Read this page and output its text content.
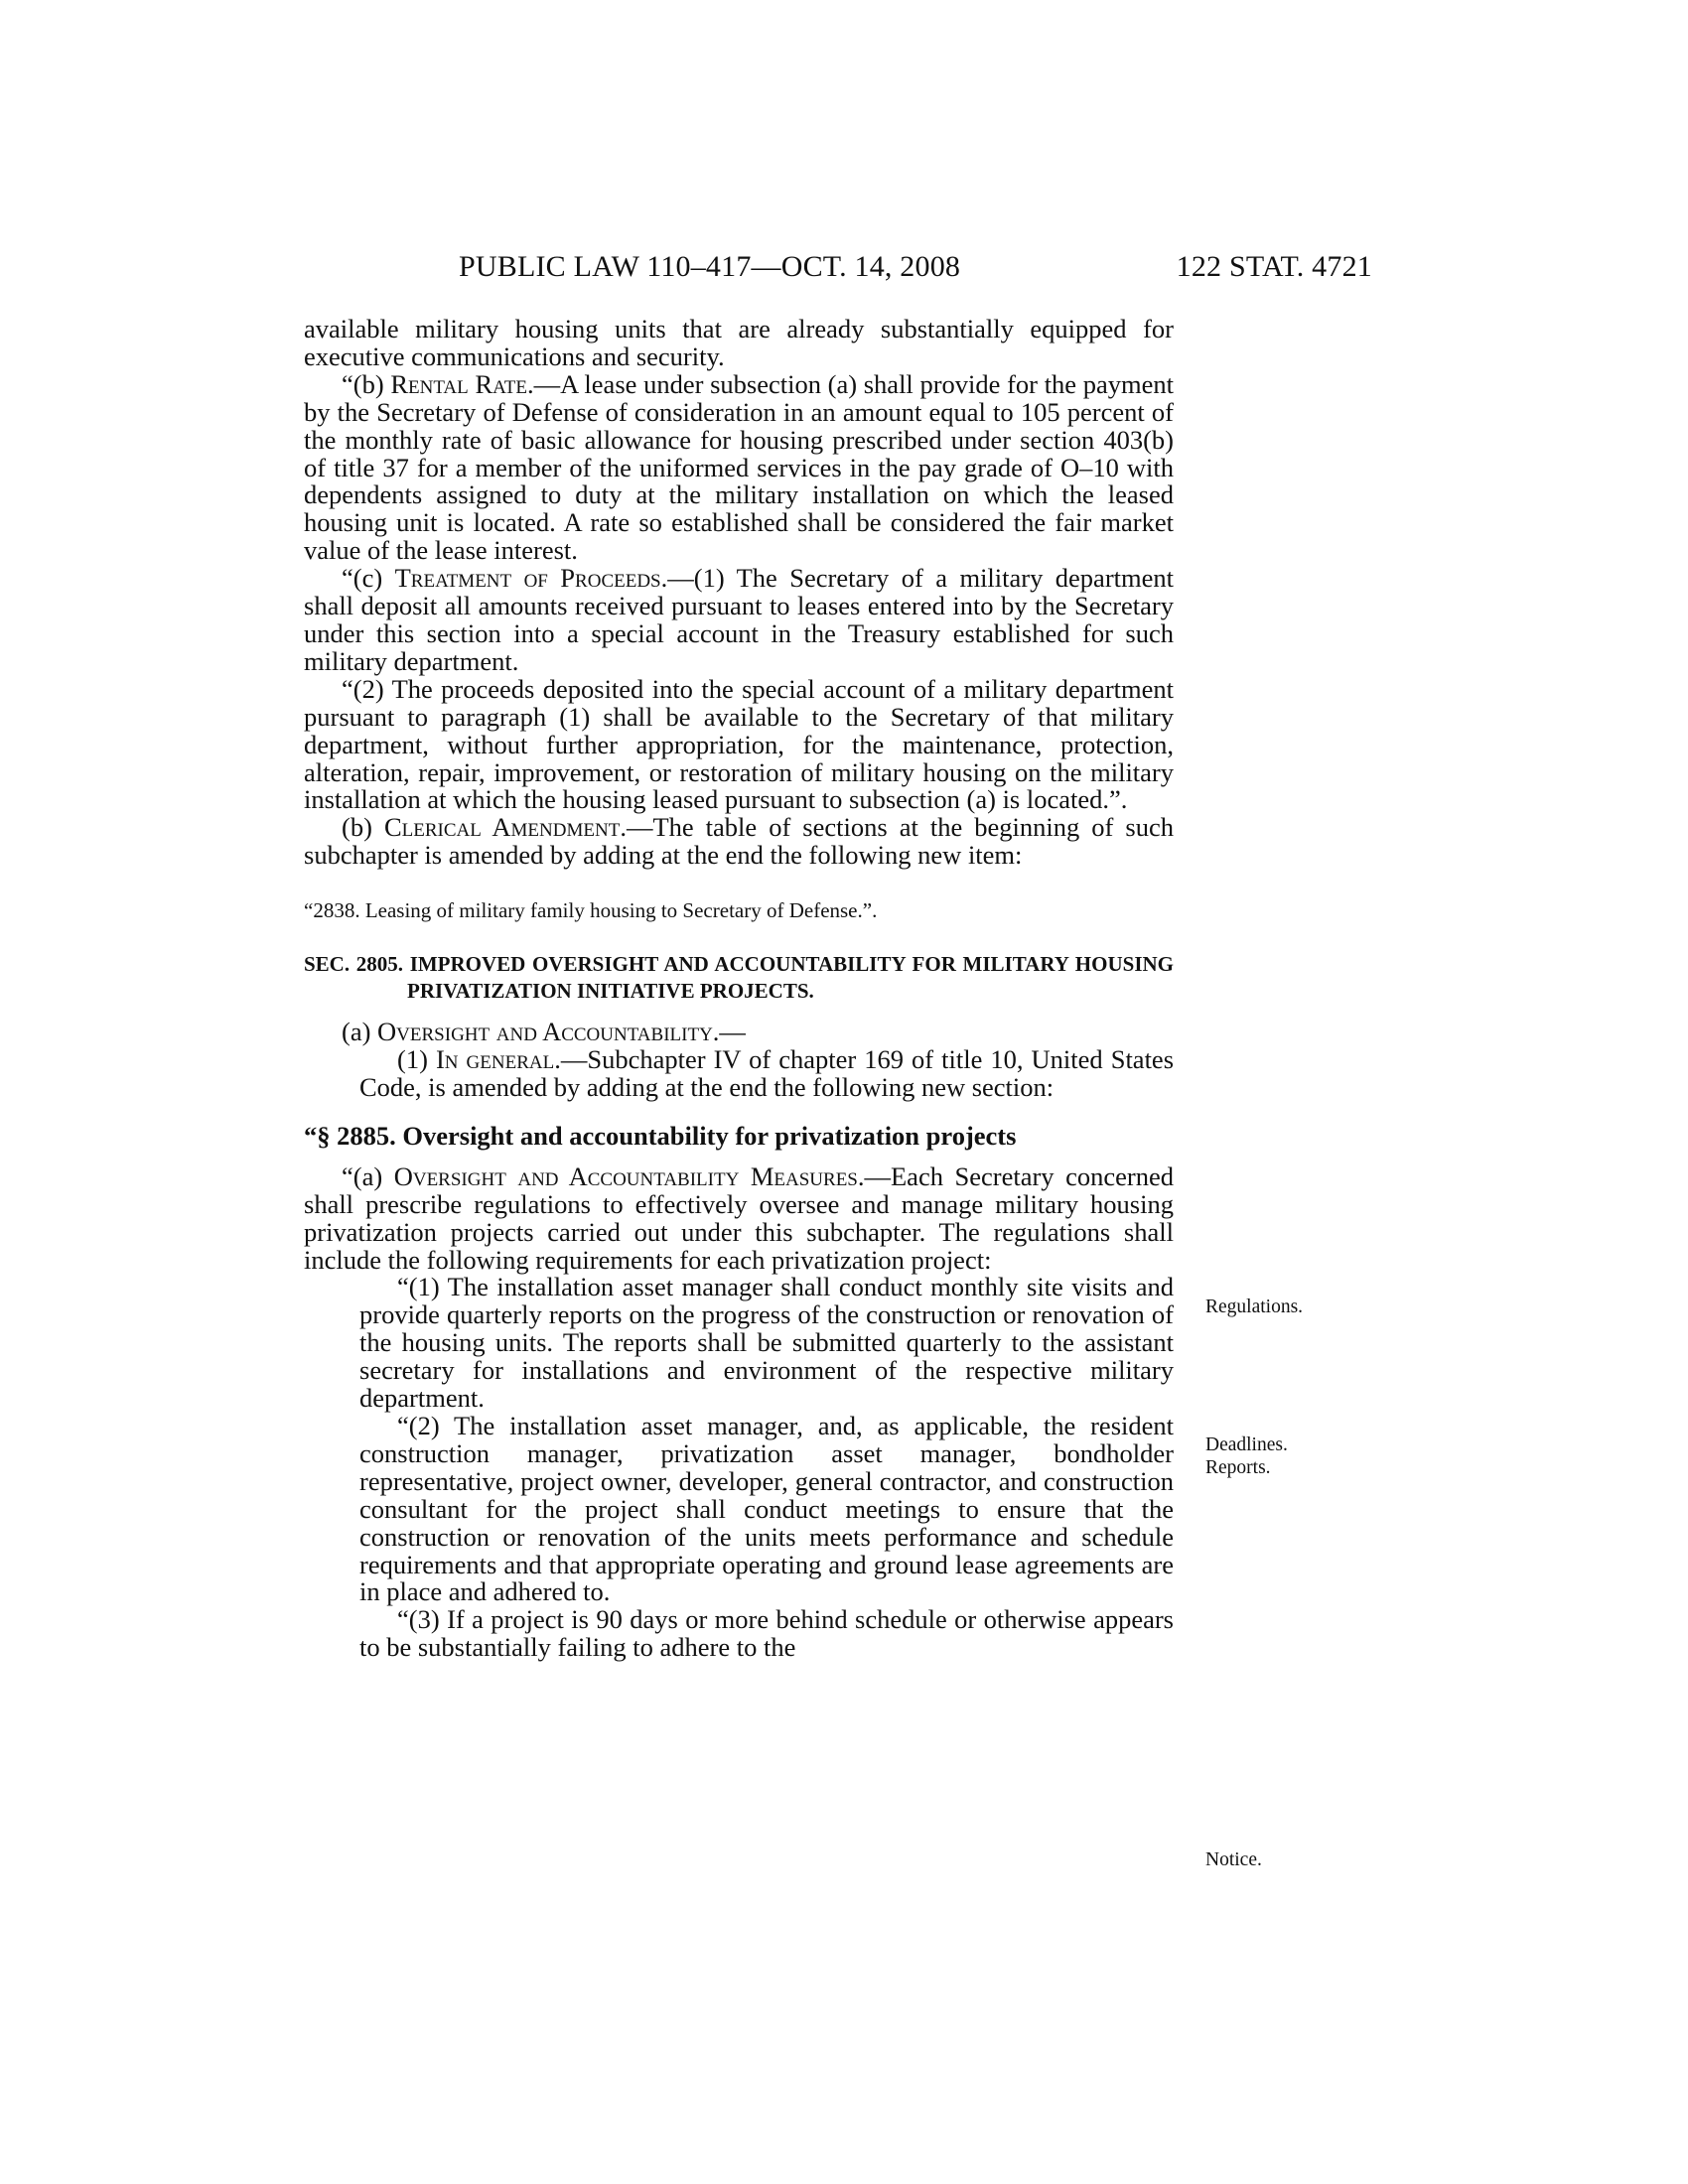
PUBLIC LAW 110–417—OCT. 14, 2008	122 STAT. 4721

available military housing units that are already substantially equipped for executive communications and security.

“(b) Rental Rate.—A lease under subsection (a) shall provide for the payment by the Secretary of Defense of consideration in an amount equal to 105 percent of the monthly rate of basic allowance for housing prescribed under section 403(b) of title 37 for a member of the uniformed services in the pay grade of O–10 with dependents assigned to duty at the military installation on which the leased housing unit is located. A rate so established shall be considered the fair market value of the lease interest.

“(c) Treatment of Proceeds.—(1) The Secretary of a military department shall deposit all amounts received pursuant to leases entered into by the Secretary under this section into a special account in the Treasury established for such military department.

“(2) The proceeds deposited into the special account of a military department pursuant to paragraph (1) shall be available to the Secretary of that military department, without further appropriation, for the maintenance, protection, alteration, repair, improvement, or restoration of military housing on the military installation at which the housing leased pursuant to subsection (a) is located.”.

(b) Clerical Amendment.—The table of sections at the beginning of such subchapter is amended by adding at the end the following new item:

“2838. Leasing of military family housing to Secretary of Defense.”.

SEC. 2805. IMPROVED OVERSIGHT AND ACCOUNTABILITY FOR MILITARY HOUSING PRIVATIZATION INITIATIVE PROJECTS.

(a) Oversight and Accountability.—

(1) In general.—Subchapter IV of chapter 169 of title 10, United States Code, is amended by adding at the end the following new section:

“§ 2885. Oversight and accountability for privatization projects

“(a) Oversight and Accountability Measures.—Each Secretary concerned shall prescribe regulations to effectively oversee and manage military housing privatization projects carried out under this subchapter. The regulations shall include the following requirements for each privatization project:

“(1) The installation asset manager shall conduct monthly site visits and provide quarterly reports on the progress of the construction or renovation of the housing units. The reports shall be submitted quarterly to the assistant secretary for installations and environment of the respective military department.

“(2) The installation asset manager, and, as applicable, the resident construction manager, privatization asset manager, bondholder representative, project owner, developer, general contractor, and construction consultant for the project shall conduct meetings to ensure that the construction or renovation of the units meets performance and schedule requirements and that appropriate operating and ground lease agreements are in place and adhered to.

“(3) If a project is 90 days or more behind schedule or otherwise appears to be substantially failing to adhere to the

Regulations.
Deadlines.
Reports.
Notice.
